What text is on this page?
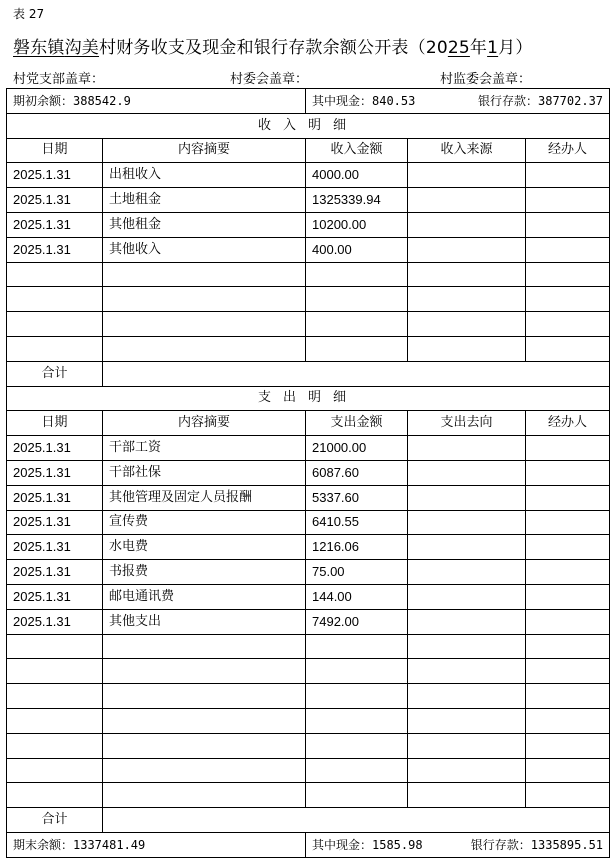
表 27
磐东镇沟美村财务收支及现金和银行存款余额公开表（2025年1月）
村党支部盖章：	村委会盖章：	村监委会盖章：
期初余额：388542.9		其中现金：840.53 银行存款：387702.37		

收入明细				
日期	内容摘要	收入金额	收入来源	经办人
2025.1.31	出租收入	4000.00		
2025.1.31	土地租金	1325339.94		
2025.1.31	其他租金	10200.00		
2025.1.31	其他收入	400.00		

合计				
支出明细				
日期	内容摘要	支出金额	支出去向	经办人
2025.1.31	干部工资	21000.00		
2025.1.31	干部社保	6087.60		
2025.1.31	其他管理及固定人员报酬	5337.60		
2025.1.31	宣传费	6410.55		
2025.1.31	水电费	1216.06		
2025.1.31	书报费	75.00		
2025.1.31	邮电通讯费	144.00		
2025.1.31	其他支出	7492.00		

合计				
期末余额：1337481.49		其中现金：1585.98 银行存款：1335895.51		
